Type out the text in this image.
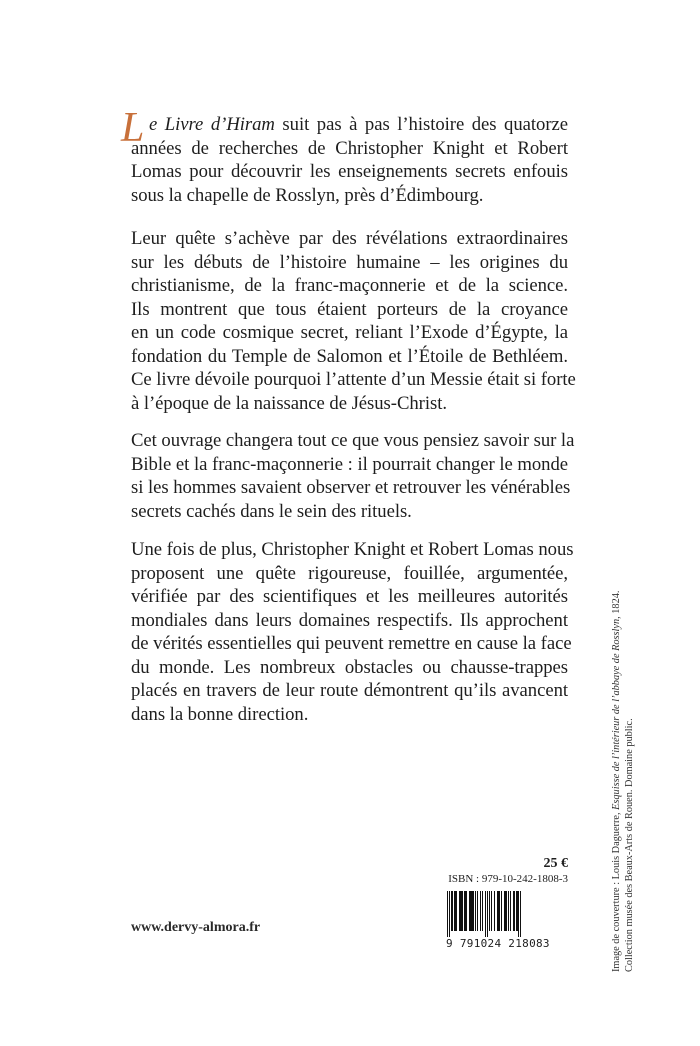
L e Livre d’Hiram suit pas à pas l’histoire des quatorze
années de recherches de Christopher Knight et Robert
Lomas pour découvrir les enseignements secrets enfouis
sous la chapelle de Rosslyn, près d’Édimbourg.

Leur quête s’achève par des révélations extraordinaires
sur les débuts de l’histoire humaine – les origines du
christianisme, de la franc-maçonnerie et de la science.
Ils montrent que tous étaient porteurs de la croyance
en un code cosmique secret, reliant l’Exode d’Égypte, la
fondation du Temple de Salomon et l’Étoile de Bethléem.
Ce livre dévoile pourquoi l’attente d’un Messie était si forte
à l’époque de la naissance de Jésus-Christ.

Cet ouvrage changera tout ce que vous pensiez savoir sur la
Bible et la franc-maçonnerie : il pourrait changer le monde
si les hommes savaient observer et retrouver les vénérables
secrets cachés dans le sein des rituels.

Une fois de plus, Christopher Knight et Robert Lomas nous
proposent une quête rigoureuse, fouillée, argumentée,
vérifiée par des scientifiques et les meilleures autorités
mondiales dans leurs domaines respectifs. Ils approchent
de vérités essentielles qui peuvent remettre en cause la face
du monde. Les nombreux obstacles ou chausse-trappes
placés en travers de leur route démontrent qu’ils avancent
dans la bonne direction.

www.dervy-almora.fr
25 €
ISBN : 979-10-242-1808-3
9 791024 218083	Image de couverture : Louis Daguerre, Esquisse de l’intérieur de l’abbaye de Rosslyn, 1824.
Collection musée des Beaux-Arts de Rouen. Domaine public.
